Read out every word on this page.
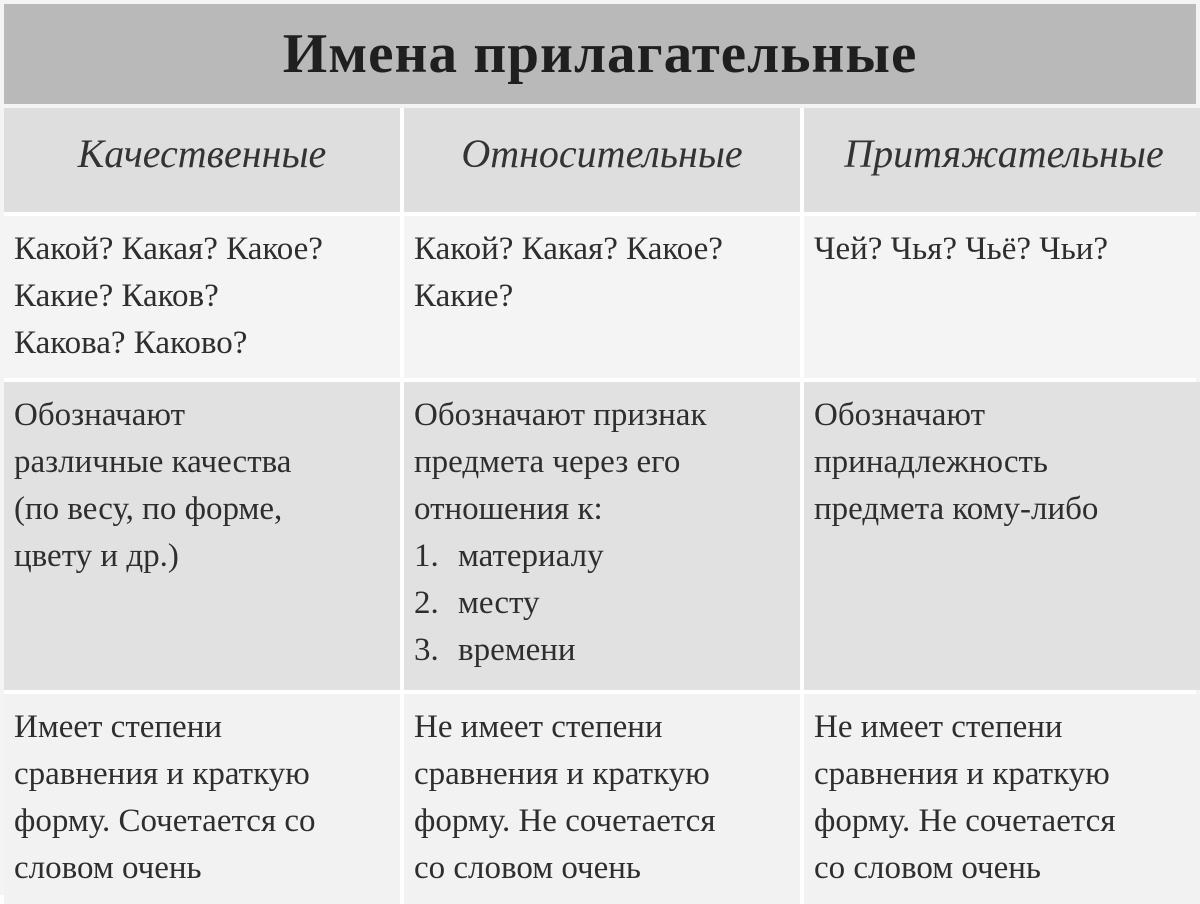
Имена прилагательные
Качественные	Относительные	Притяжательные

Какой? Какая? Какое?
Какие? Каков?
Какова? Каково?

Какой? Какая? Какое?
Какие?

Чей? Чья? Чьё? Чьи?

Обозначают
различные качества
(по весу, по форме,
цвету и др.)

Обозначают признак
предмета через его
отношения к:

1. материалу
2. месту
3. времени

Обозначают
принадлежность
предмета кому-либо

Имеет степени
сравнения и краткую
форму. Сочетается со
словом очень

Не имеет степени
сравнения и краткую
форму. Не сочетается
со словом очень

Не имеет степени
сравнения и краткую
форму. Не сочетается
со словом очень
